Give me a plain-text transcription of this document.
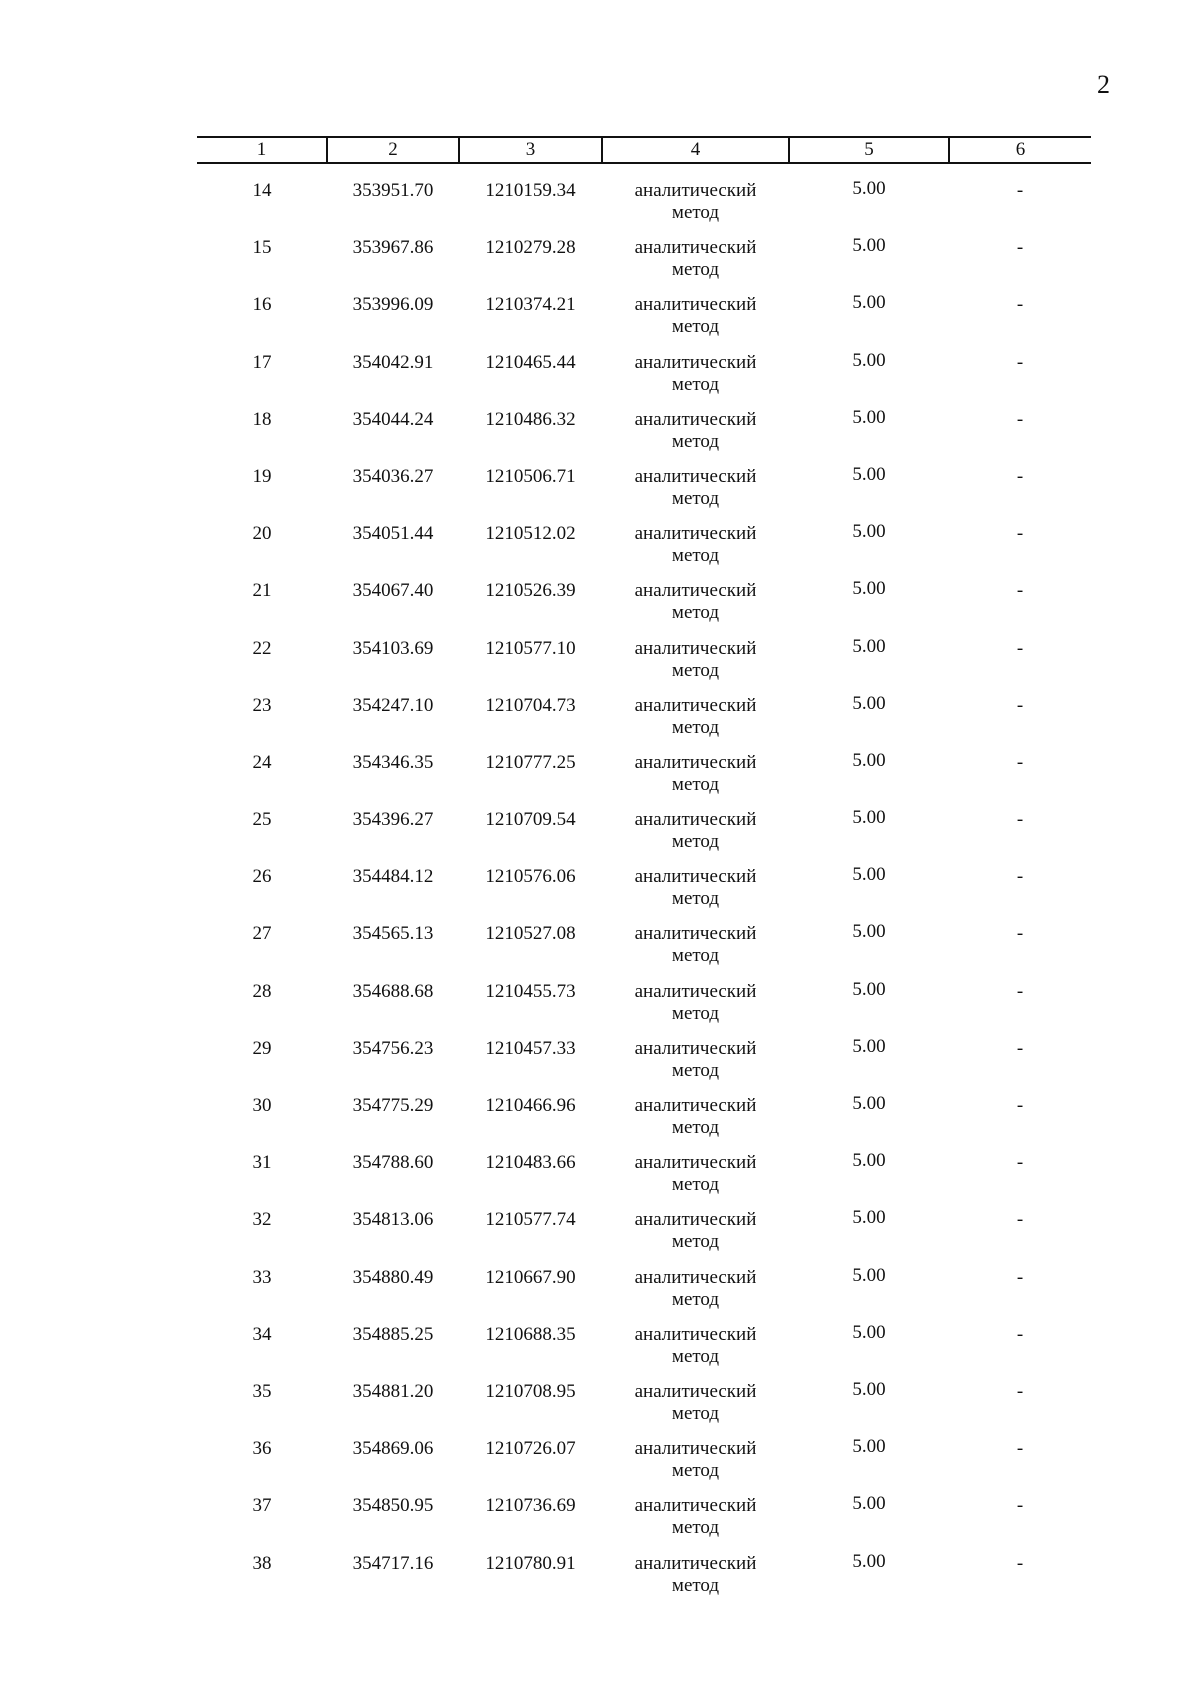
2
1	2	3	4	5	6

14	353951.70	1210159.34	аналитический
метод	5.00	-

15	353967.86	1210279.28	аналитический
метод	5.00	-

16	353996.09	1210374.21	аналитический
метод	5.00	-

17	354042.91	1210465.44	аналитический
метод	5.00	-

18	354044.24	1210486.32	аналитический
метод	5.00	-

19	354036.27	1210506.71	аналитический
метод	5.00	-

20	354051.44	1210512.02	аналитический
метод	5.00	-

21	354067.40	1210526.39	аналитический
метод	5.00	-

22	354103.69	1210577.10	аналитический
метод	5.00	-

23	354247.10	1210704.73	аналитический
метод	5.00	-

24	354346.35	1210777.25	аналитический
метод	5.00	-

25	354396.27	1210709.54	аналитический
метод	5.00	-

26	354484.12	1210576.06	аналитический
метод	5.00	-

27	354565.13	1210527.08	аналитический
метод	5.00	-

28	354688.68	1210455.73	аналитический
метод	5.00	-

29	354756.23	1210457.33	аналитический
метод	5.00	-

30	354775.29	1210466.96	аналитический
метод	5.00	-

31	354788.60	1210483.66	аналитический
метод	5.00	-

32	354813.06	1210577.74	аналитический
метод	5.00	-

33	354880.49	1210667.90	аналитический
метод	5.00	-

34	354885.25	1210688.35	аналитический
метод	5.00	-

35	354881.20	1210708.95	аналитический
метод	5.00	-

36	354869.06	1210726.07	аналитический
метод	5.00	-

37	354850.95	1210736.69	аналитический
метод	5.00	-

38	354717.16	1210780.91	аналитический
метод	5.00	-
